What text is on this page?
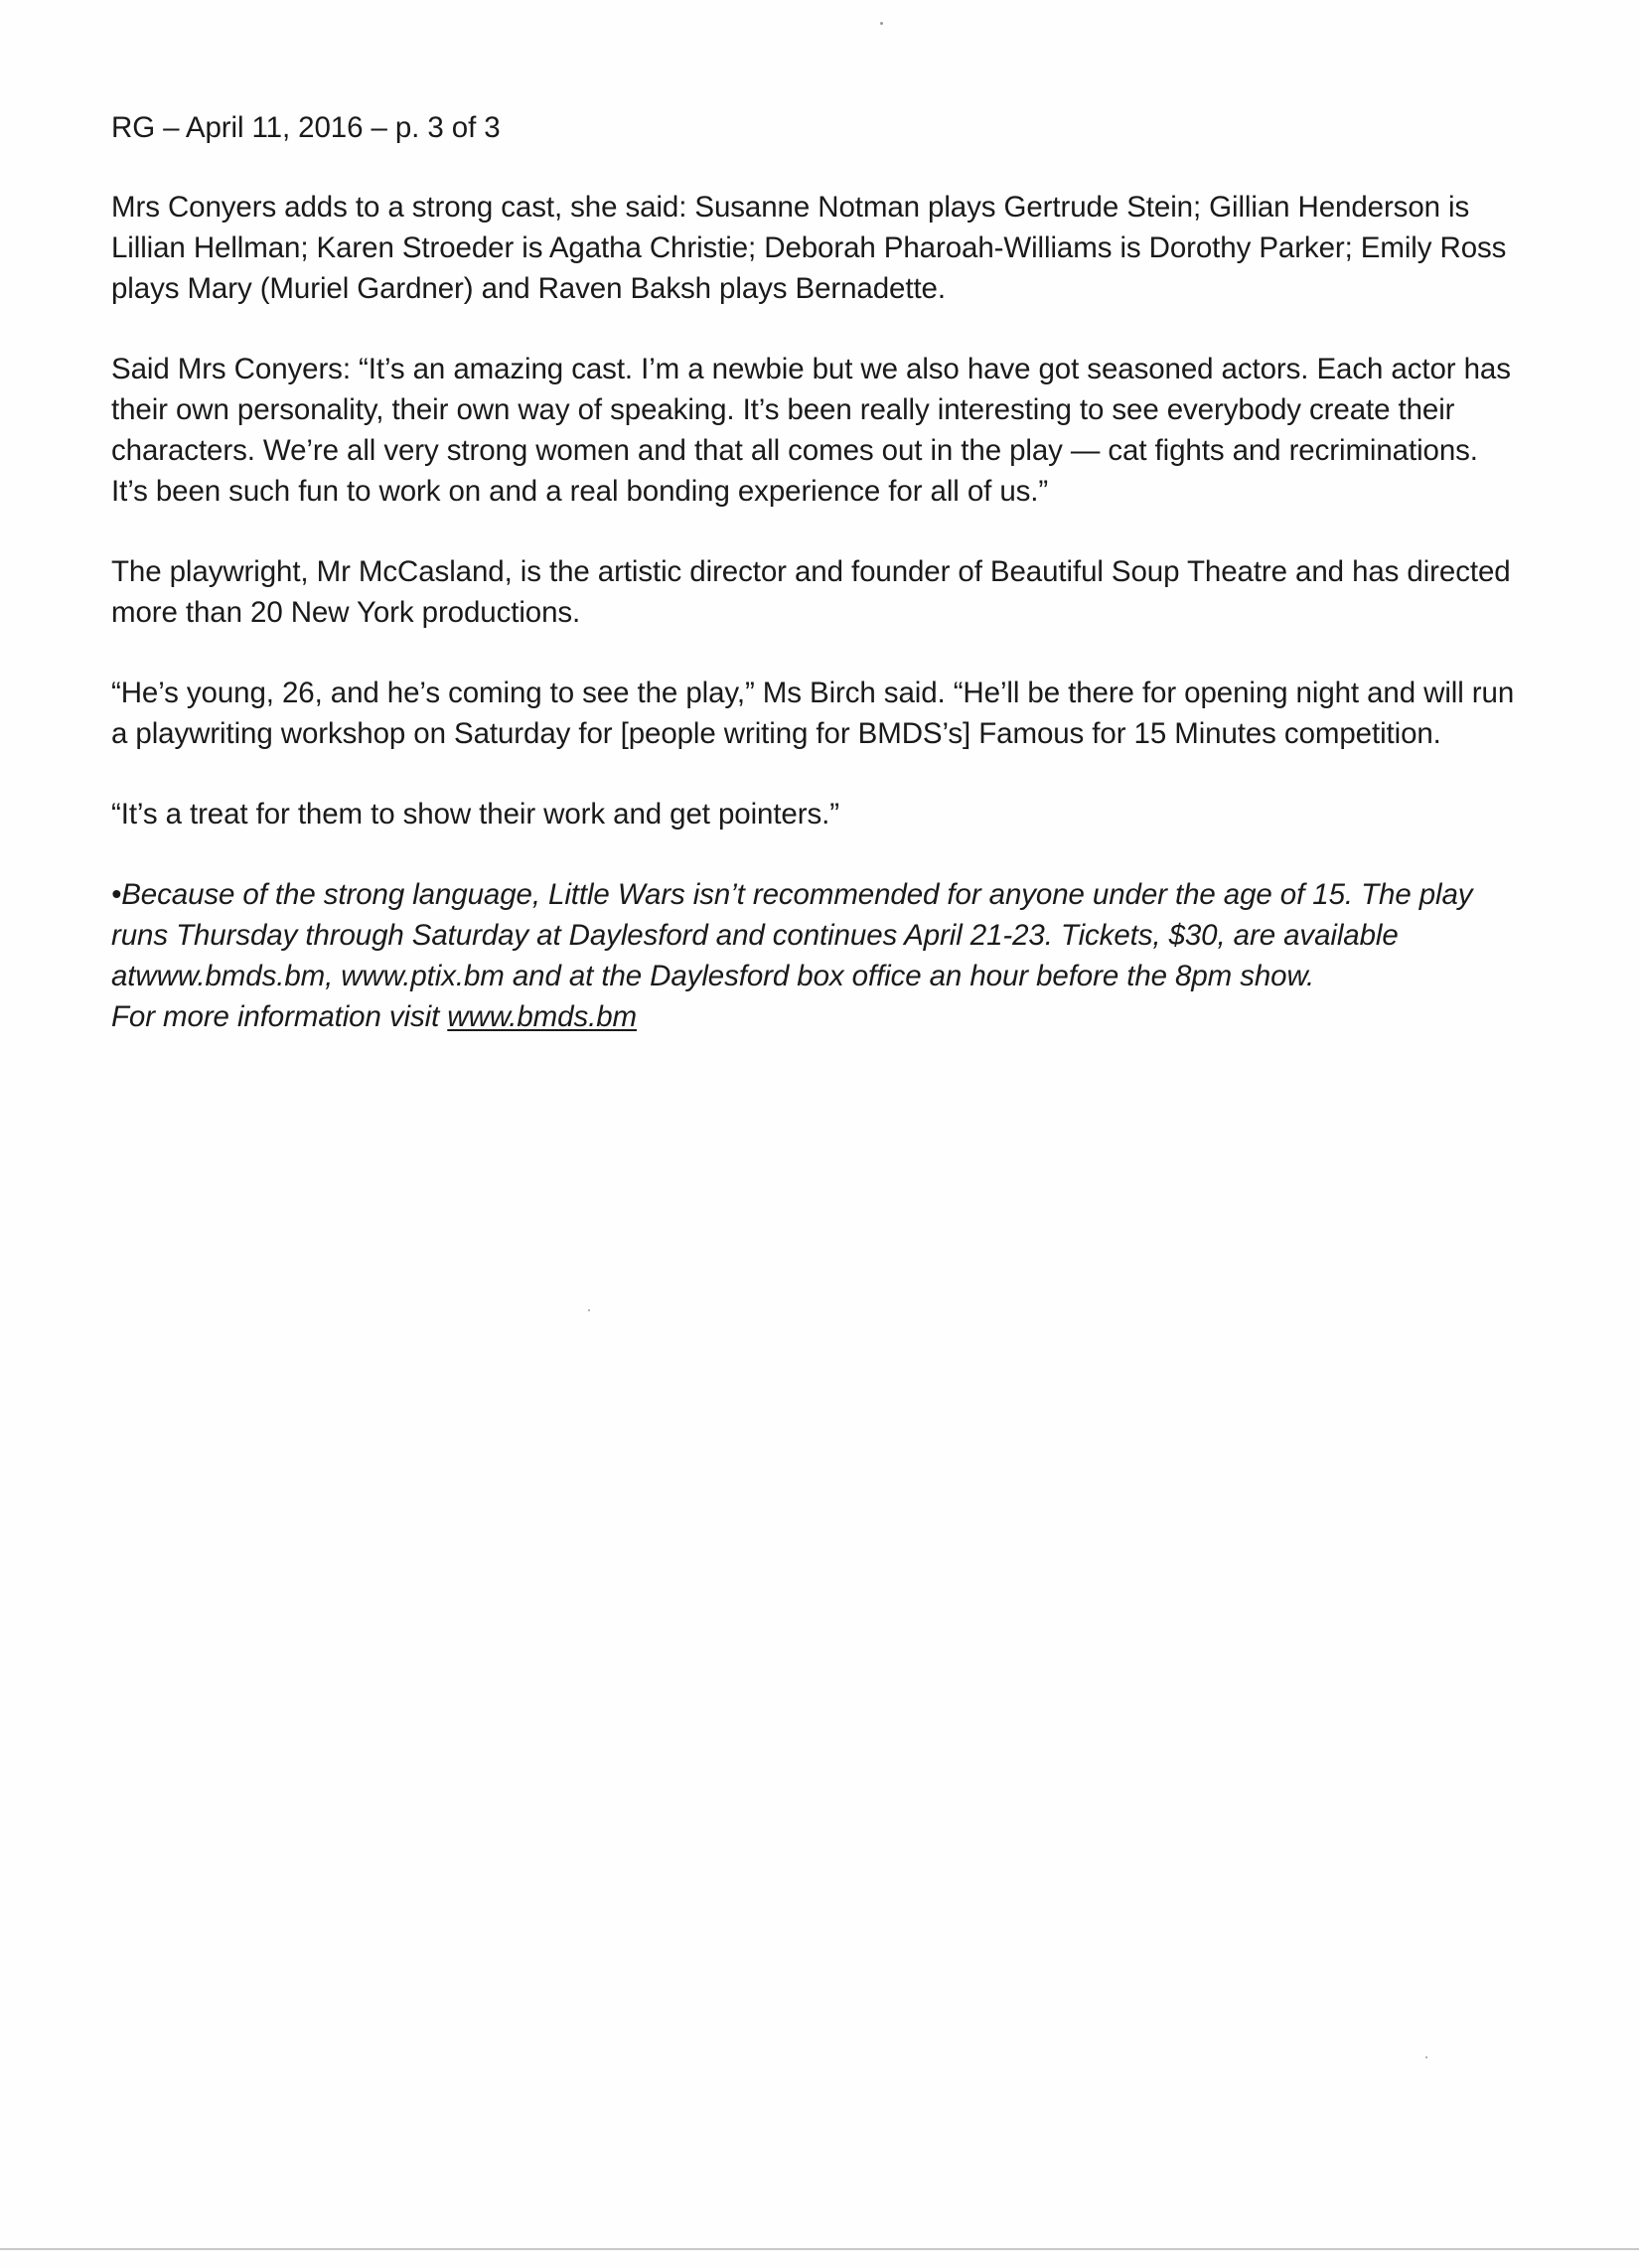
RG – April 11, 2016 – p. 3 of 3

Mrs Conyers adds to a strong cast, she said: Susanne Notman plays Gertrude Stein; Gillian Henderson is Lillian Hellman; Karen Stroeder is Agatha Christie; Deborah Pharoah-Williams is Dorothy Parker; Emily Ross plays Mary (Muriel Gardner) and Raven Baksh plays Bernadette.

Said Mrs Conyers: “It’s an amazing cast. I’m a newbie but we also have got seasoned actors. Each actor has their own personality, their own way of speaking. It’s been really interesting to see everybody create their characters. We’re all very strong women and that all comes out in the play — cat fights and recriminations. It’s been such fun to work on and a real bonding experience for all of us.”

The playwright, Mr McCasland, is the artistic director and founder of Beautiful Soup Theatre and has directed more than 20 New York productions.

“He’s young, 26, and he’s coming to see the play,” Ms Birch said. “He’ll be there for opening night and will run a playwriting workshop on Saturday for [people writing for BMDS’s] Famous for 15 Minutes competition.

“It’s a treat for them to show their work and get pointers.”

•Because of the strong language, Little Wars isn’t recommended for anyone under the age of 15. The play runs Thursday through Saturday at Daylesford and continues April 21-23. Tickets, $30, are available atwww.bmds.bm, www.ptix.bm and at the Daylesford box office an hour before the 8pm show.

For more information visit www.bmds.bm
